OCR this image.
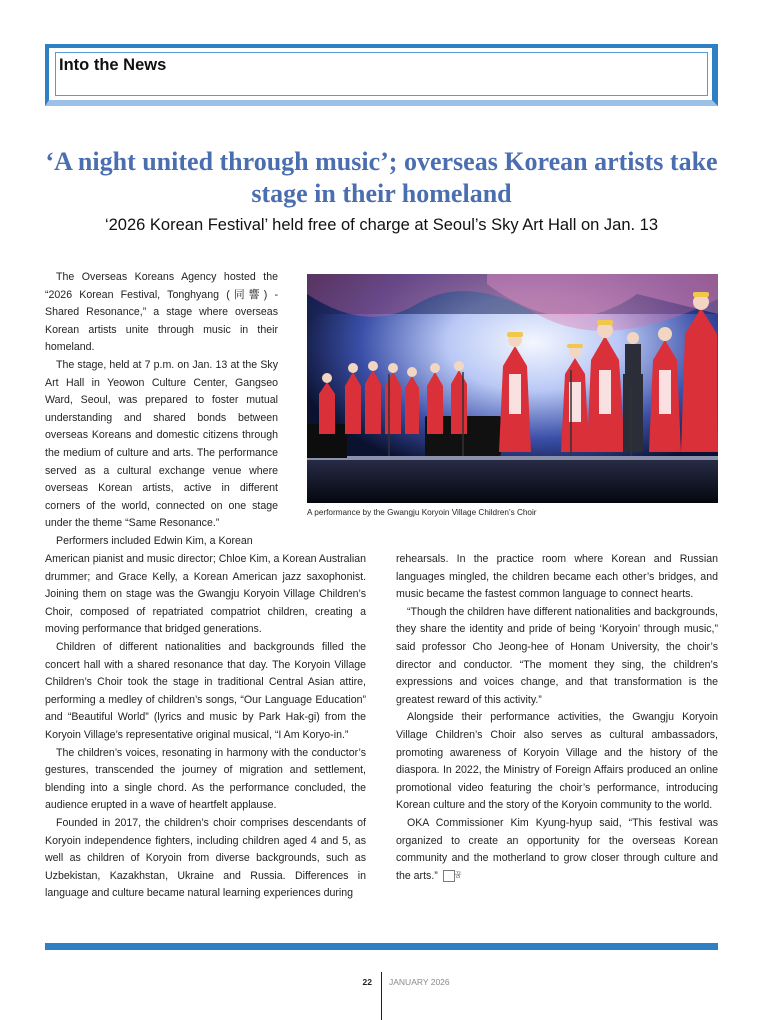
Into the News
‘A night united through music’; overseas Korean artists take stage in their homeland
‘2026 Korean Festival’ held free of charge at Seoul’s Sky Art Hall on Jan. 13

The Overseas Koreans Agency hosted the “2026 Korean Festival, Tonghyang (同響) - Shared Resonance,” a stage where overseas Korean artists unite through music in their homeland.

The stage, held at 7 p.m. on Jan. 13 at the Sky Art Hall in Yeowon Culture Center, Gangseo Ward, Seoul, was prepared to foster mutual understanding and shared bonds between overseas Koreans and domestic citizens through the medium of culture and arts. The performance served as a cultural exchange venue where overseas Korean artists, active in different corners of the world, connected on one stage under the theme “Same Resonance.”

Performers included Edwin Kim, a Korean

A performance by the Gwangju Koryoin Village Children’s Choir

American pianist and music director; Chloe Kim, a Korean Australian drummer; and Grace Kelly, a Korean American jazz saxophonist. Joining them on stage was the Gwangju Koryoin Village Children’s Choir, composed of repatriated compatriot children, creating a moving performance that bridged generations.

Children of different nationalities and backgrounds filled the concert hall with a shared resonance that day. The Koryoin Village Children’s Choir took the stage in traditional Central Asian attire, performing a medley of children’s songs, “Our Language Education” and “Beautiful World” (lyrics and music by Park Hak-gi) from the Koryoin Village’s representative original musical, “I Am Koryo-in.”

The children’s voices, resonating in harmony with the conductor’s gestures, transcended the journey of migration and settlement, blending into a single chord. As the performance concluded, the audience erupted in a wave of heartfelt applause.

Founded in 2017, the children’s choir comprises descendants of Koryoin independence fighters, including children aged 4 and 5, as well as children of Koryoin from diverse backgrounds, such as Uzbekistan, Kazakhstan, Ukraine and Russia. Differences in language and culture became natural learning experiences during

rehearsals. In the practice room where Korean and Russian languages mingled, the children became each other’s bridges, and music became the fastest common language to connect hearts.

“Though the children have different nationalities and backgrounds, they share the identity and pride of being ‘Koryoin’ through music,” said professor Cho Jeong-hee of Honam University, the choir’s director and conductor. “The moment they sing, the children’s expressions and voices change, and that transformation is the greatest reward of this activity.”

Alongside their performance activities, the Gwangju Koryoin Village Children’s Choir also serves as cultural ambassadors, promoting awareness of Koryoin Village and the history of the diaspora. In 2022, the Ministry of Foreign Affairs produced an online promotional video featuring the choir’s performance, introducing Korean culture and the story of the Koryoin community to the world.

OKA Commissioner Kim Kyung-hyup said, “This festival was organized to create an opportunity for the overseas Korean community and the motherland to grow closer through culture and the arts.” 꿈

22 JANUARY 2026
